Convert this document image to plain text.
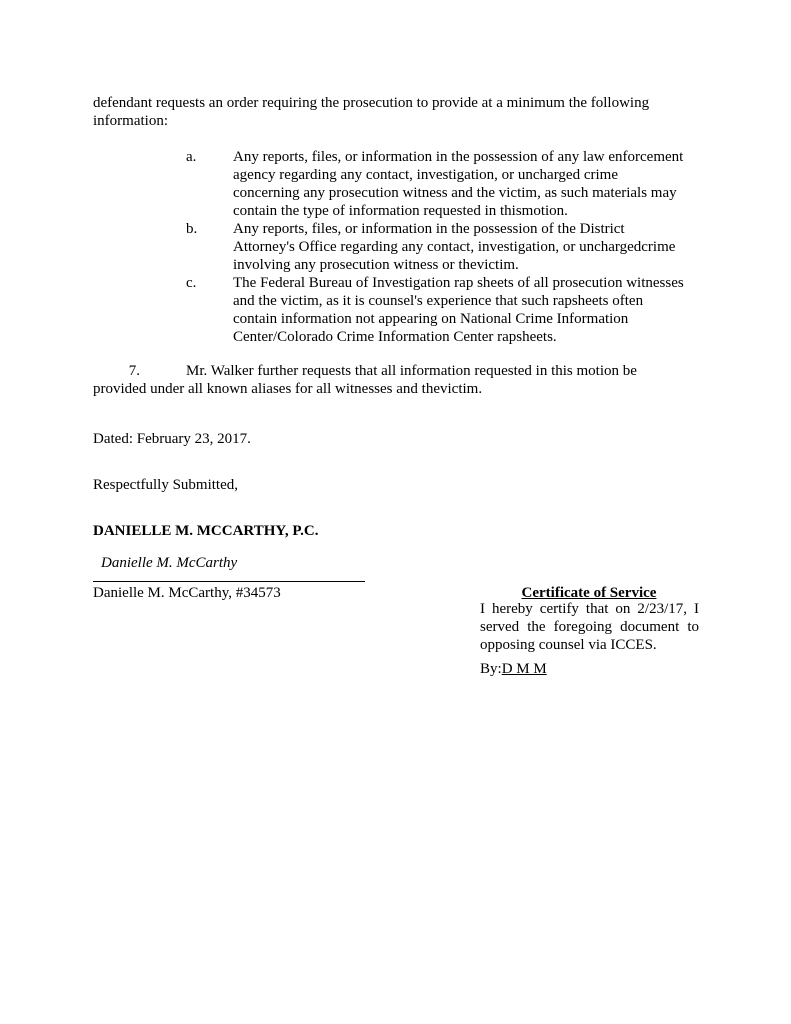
defendant requests an order requiring the prosecution to provide at a minimum the following information:
a. Any reports, files, or information in the possession of any law enforcement agency regarding any contact, investigation, or uncharged crime concerning any prosecution witness and the victim, as such materials may contain the type of information requested in thismotion.
b. Any reports, files, or information in the possession of the District Attorney's Office regarding any contact, investigation, or unchargedcrime involving any prosecution witness or thevictim.
c. The Federal Bureau of Investigation rap sheets of all prosecution witnesses and the victim, as it is counsel's experience that such rapsheets often contain information not appearing on National Crime Information Center/Colorado Crime Information Center rapsheets.
7.	Mr. Walker further requests that all information requested in this motion be provided under all known aliases for all witnesses and thevictim.
Dated: February 23, 2017.
Respectfully Submitted,
DANIELLE M. MCCARTHY, P.C.
Danielle M. McCarthy
Danielle M. McCarthy, #34573	Certificate of Service
I hereby certify that on 2/23/17, I served the foregoing document to opposing counsel via ICCES.
By:D M M
